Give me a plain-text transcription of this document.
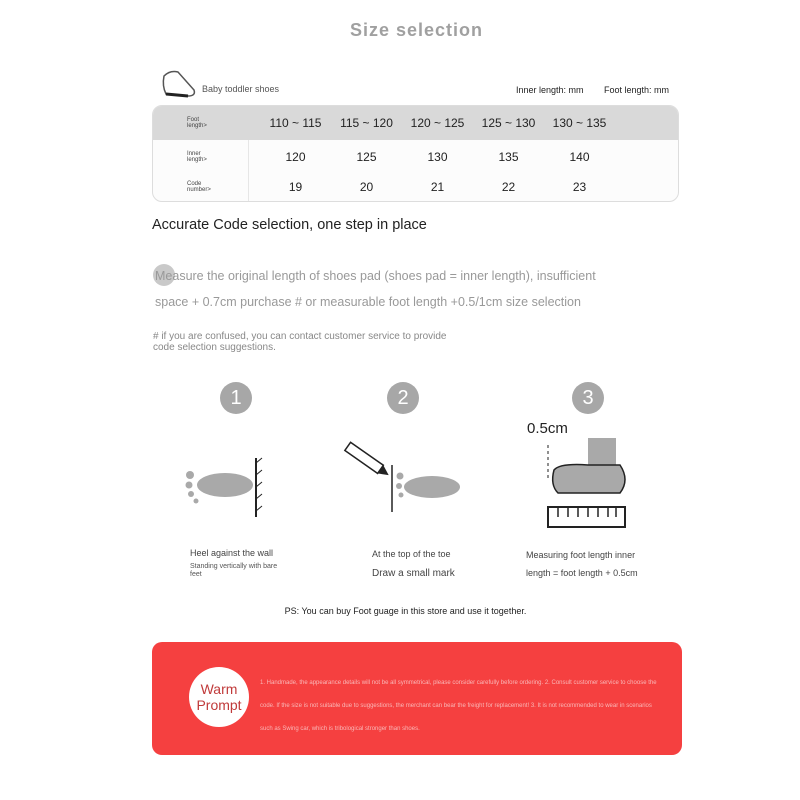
Size selection
Baby toddler shoes	Inner length: mm Foot length: mm
Foot length>	110 ~ 115	115 ~ 120	120 ~ 125	125 ~ 130	130 ~ 135
Inner length>	120	125	130	135	140
Code number>	19	20	21	22	23
Accurate Code selection, one step in place
Measure the original length of shoes pad (shoes pad = inner length), insufficient
space + 0.7cm purchase # or measurable foot length +0.5/1cm size selection
# if you are confused, you can contact customer service to provide code selection suggestions.
1	2	3
0.5cm
Heel against the wall
Standing vertically with bare feet
At the top of the toe
Draw a small mark
Measuring foot length inner
length = foot length + 0.5cm
PS: You can buy Foot guage in this store and use it together.
Warm
Prompt
1. Handmade, the appearance details will not be all symmetrical, please consider carefully before ordering. 2. Consult customer service to choose the code. If the size is not suitable due to suggestions, the merchant can bear the freight for replacement! 3. It is not recommended to wear in scenarios such as Swing car, which is tribological stronger than shoes.
